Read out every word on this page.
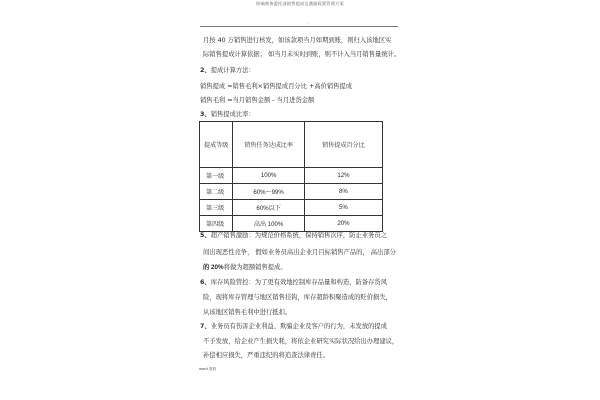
终端商务委托部销售提成及激励政策管理方案
.
月按 40 万销售进行核发，如该款项当月如期到账，则归入该地区实
际销售提成计算依据； 如当月未实时到账，则不计入当月销售量统计。
2、提成计算方法：
销售提成 =销售毛利×销售提成百分比 +高价销售提成
销售毛利 =当月销售金额 - 当月进货金额
3、销售提成比率：
提成等级	销售任务达成比率	销售提成百分比
第一级	100%	12%
第二级	60%～99%	8%
第三级	60%以下	5%
第四级	高出 100%	20%
5、超产销售激励：为规范价格系统，保持销售次序，防止业务员之
间出现恶性竞争， 假如业务员高出企业月目标销售产品的， 高出部分
的 20%将做为超额销售提成。
6、库存风险管控：为了更有效地控制库存品量和构造，防备存货风
险，现将库存管理与地区销售挂钩，库存超龄积聚造成的贬价损失，
从该地区销售毛利中进行抵扣。
7、业务员有伤害企业利益、欺骗企业及客户的行为，未发放的提成
不予发放，给企业产生损失耗，将依企业研究实际状况给出办理建议，
补偿相应损失，严重违纪的将追查法律责任。
word 资料
